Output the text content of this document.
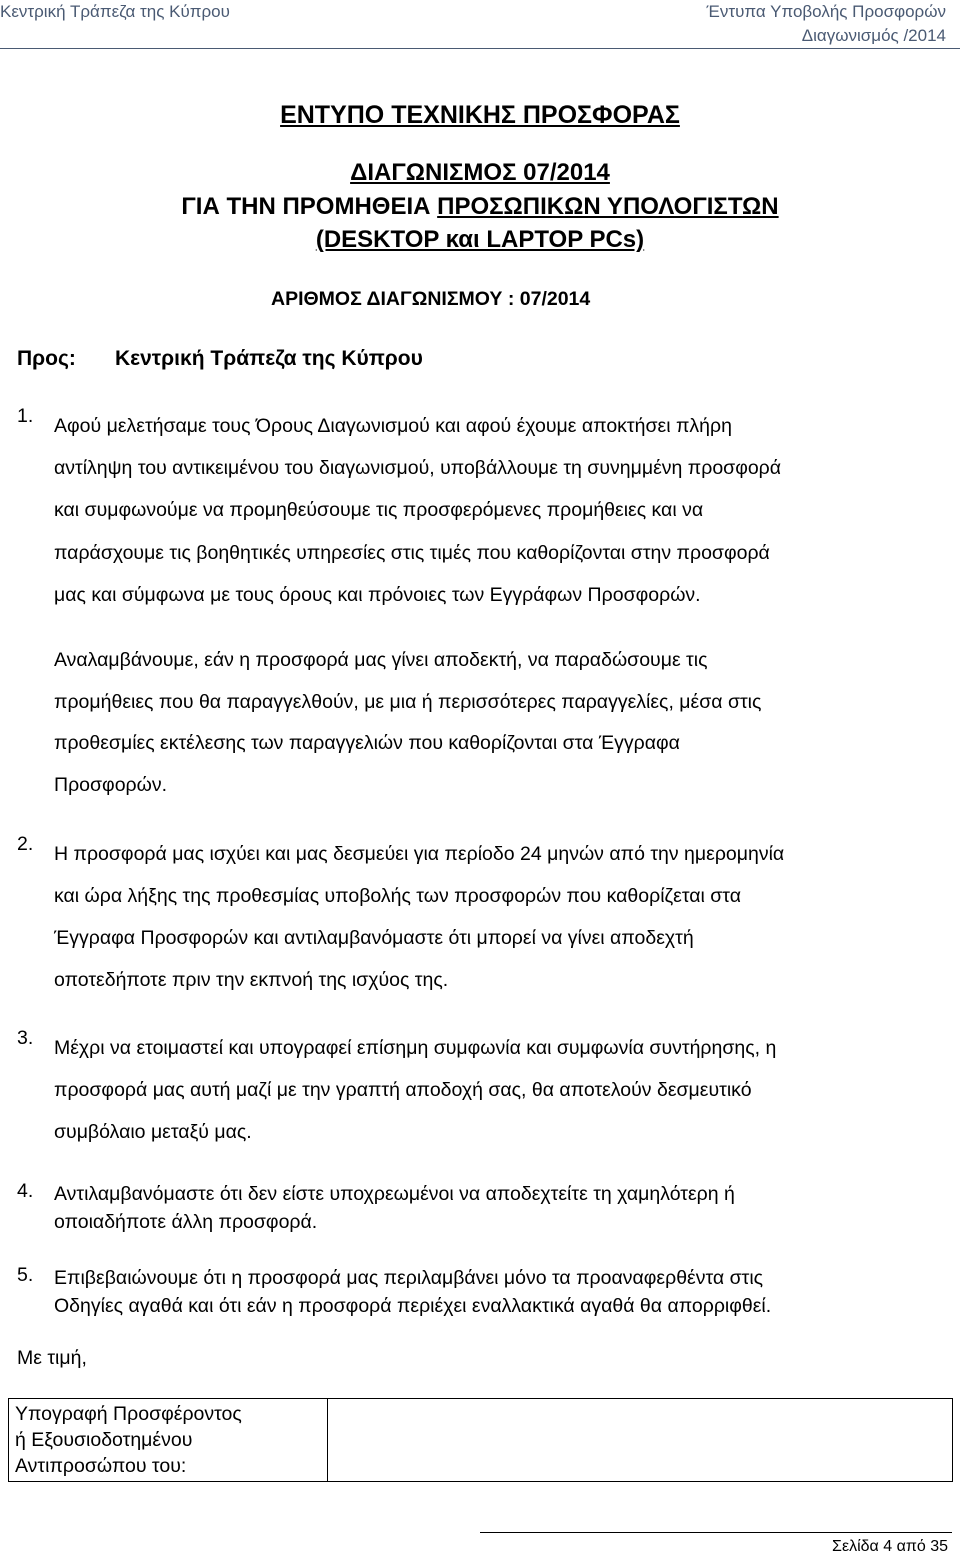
Κεντρική Τράπεζα της Κύπρου	Έντυπα Υποβολής Προσφορών
Διαγωνισμός /2014
ΕΝΤΥΠΟ ΤΕΧΝΙΚΗΣ ΠΡΟΣΦΟΡΑΣ
ΔΙΑΓΩΝΙΣΜΟΣ 07/2014
ΓΙΑ ΤΗΝ ΠΡΟΜΗΘΕΙΑ ΠΡΟΣΩΠΙΚΩΝ ΥΠΟΛΟΓΙΣΤΩΝ
(DESKTOP και LAPTOP PCs)
ΑΡΙΘΜΟΣ ΔΙΑΓΩΝΙΣΜΟΥ : 07/2014
Προς: Κεντρική Τράπεζα της Κύπρου
1. Αφού μελετήσαμε τους Όρους Διαγωνισμού και αφού έχουμε αποκτήσει πλήρη
αντίληψη του αντικειμένου του διαγωνισμού, υποβάλλουμε τη συνημμένη προσφορά
και συμφωνούμε να προμηθεύσουμε τις προσφερόμενες προμήθειες και να
παράσχουμε τις βοηθητικές υπηρεσίες στις τιμές που καθορίζονται στην προσφορά
μας και σύμφωνα με τους όρους και πρόνοιες των Εγγράφων Προσφορών.
Αναλαμβάνουμε, εάν η προσφορά μας γίνει αποδεκτή, να παραδώσουμε τις
προμήθειες που θα παραγγελθούν, με μια ή περισσότερες παραγγελίες, μέσα στις
προθεσμίες εκτέλεσης των παραγγελιών που καθορίζονται στα Έγγραφα
Προσφορών.
2. Η προσφορά μας ισχύει και μας δεσμεύει για περίοδο 24 μηνών από την ημερομηνία
και ώρα λήξης της προθεσμίας υποβολής των προσφορών που καθορίζεται στα
Έγγραφα Προσφορών και αντιλαμβανόμαστε ότι μπορεί να γίνει αποδεχτή
οποτεδήποτε πριν την εκπνοή της ισχύος της.
3. Μέχρι να ετοιμαστεί και υπογραφεί επίσημη συμφωνία και συμφωνία συντήρησης, η
προσφορά μας αυτή μαζί με την γραπτή αποδοχή σας, θα αποτελούν δεσμευτικό
συμβόλαιο μεταξύ μας.
4. Αντιλαμβανόμαστε ότι δεν είστε υποχρεωμένοι να αποδεχτείτε τη χαμηλότερη ή
οποιαδήποτε άλλη προσφορά.
5. Επιβεβαιώνουμε ότι η προσφορά μας περιλαμβάνει μόνο τα προαναφερθέντα στις
Οδηγίες αγαθά και ότι εάν η προσφορά περιέχει εναλλακτικά αγαθά θα απορριφθεί.
Με τιμή,
Υπογραφή Προσφέροντος
ή Εξουσιοδοτημένου
Αντιπροσώπου του:

Σελίδα 4 από 35
